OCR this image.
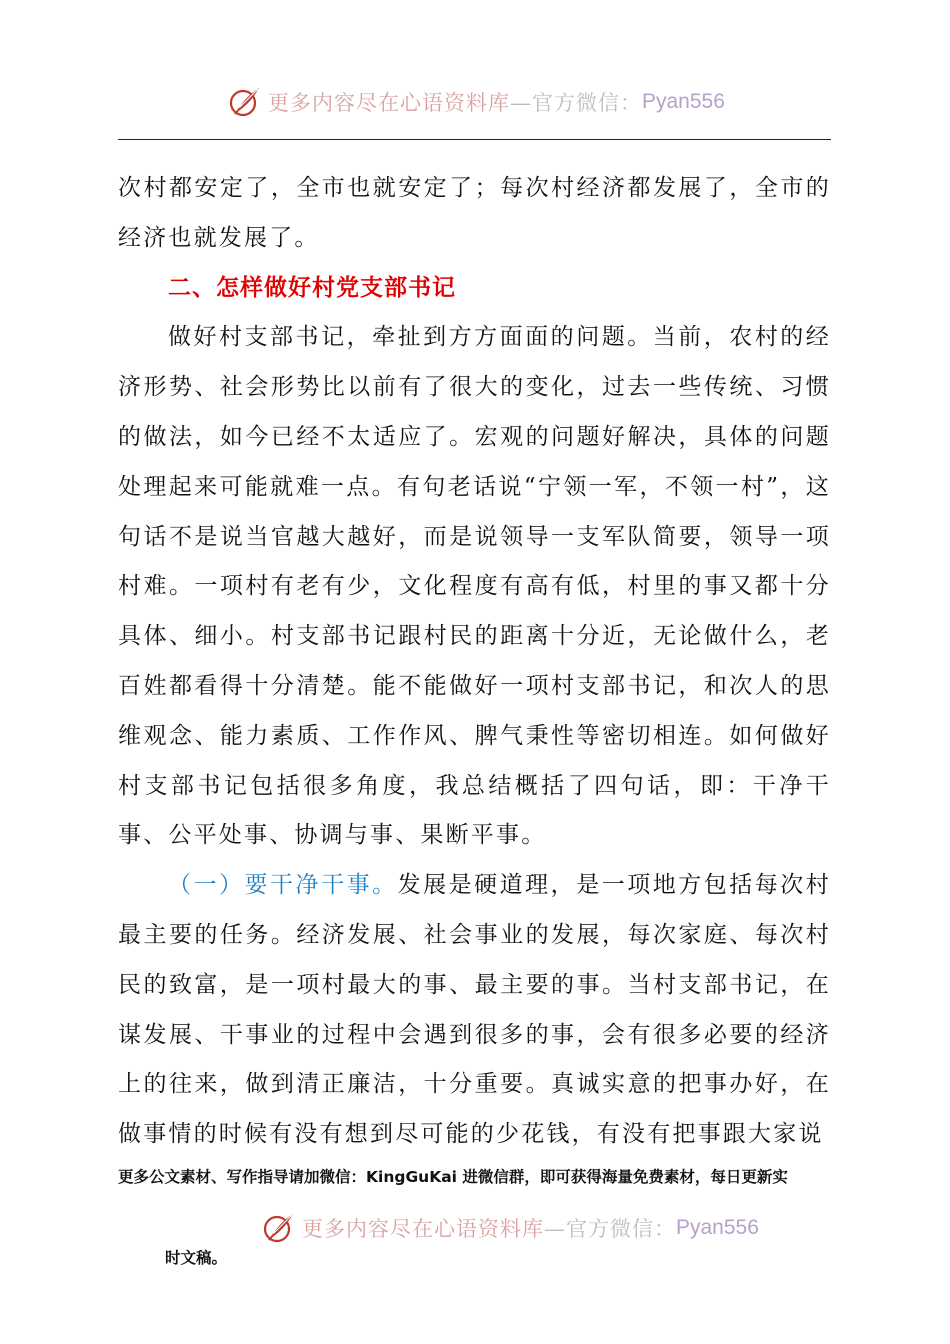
更多内容尽在心语资料库 —官方微信： Pyan556

次村都安定了，全市也就安定了；每次村经济都发展了，全市的经济也就发展了。

二、怎样做好村党支部书记

做好村支部书记，牵扯到方方面面的问题。当前，农村的经济形势、社会形势比以前有了很大的变化，过去一些传统、习惯的做法，如今已经不太适应了。宏观的问题好解决，具体的问题处理起来可能就难一点。有句老话说“宁领一军，不领一村”，这句话不是说当官越大越好，而是说领导一支军队简要，领导一项村难。一项村有老有少，文化程度有高有低，村里的事又都十分具体、细小。村支部书记跟村民的距离十分近，无论做什么，老百姓都看得十分清楚。能不能做好一项村支部书记，和次人的思维观念、能力素质、工作作风、脾气秉性等密切相连。如何做好村支部书记包括很多角度，我总结概括了四句话，即：干净干事、公平处事、协调与事、果断平事。

（一）要干净干事。发展是硬道理，是一项地方包括每次村最主要的任务。经济发展、社会事业的发展，每次家庭、每次村民的致富，是一项村最大的事、最主要的事。当村支部书记，在谋发展、干事业的过程中会遇到很多的事，会有很多必要的经济上的往来，做到清正廉洁，十分重要。真诚实意的把事办好，在做事情的时候有没有想到尽可能的少花钱，有没有把事跟大家说

更多公文素材、写作指导请加微信：KingGuKai 进微信群，即可获得海量免费素材，每日更新实
更多内容尽在心语资料库 —官方微信： Pyan556
时文稿。
